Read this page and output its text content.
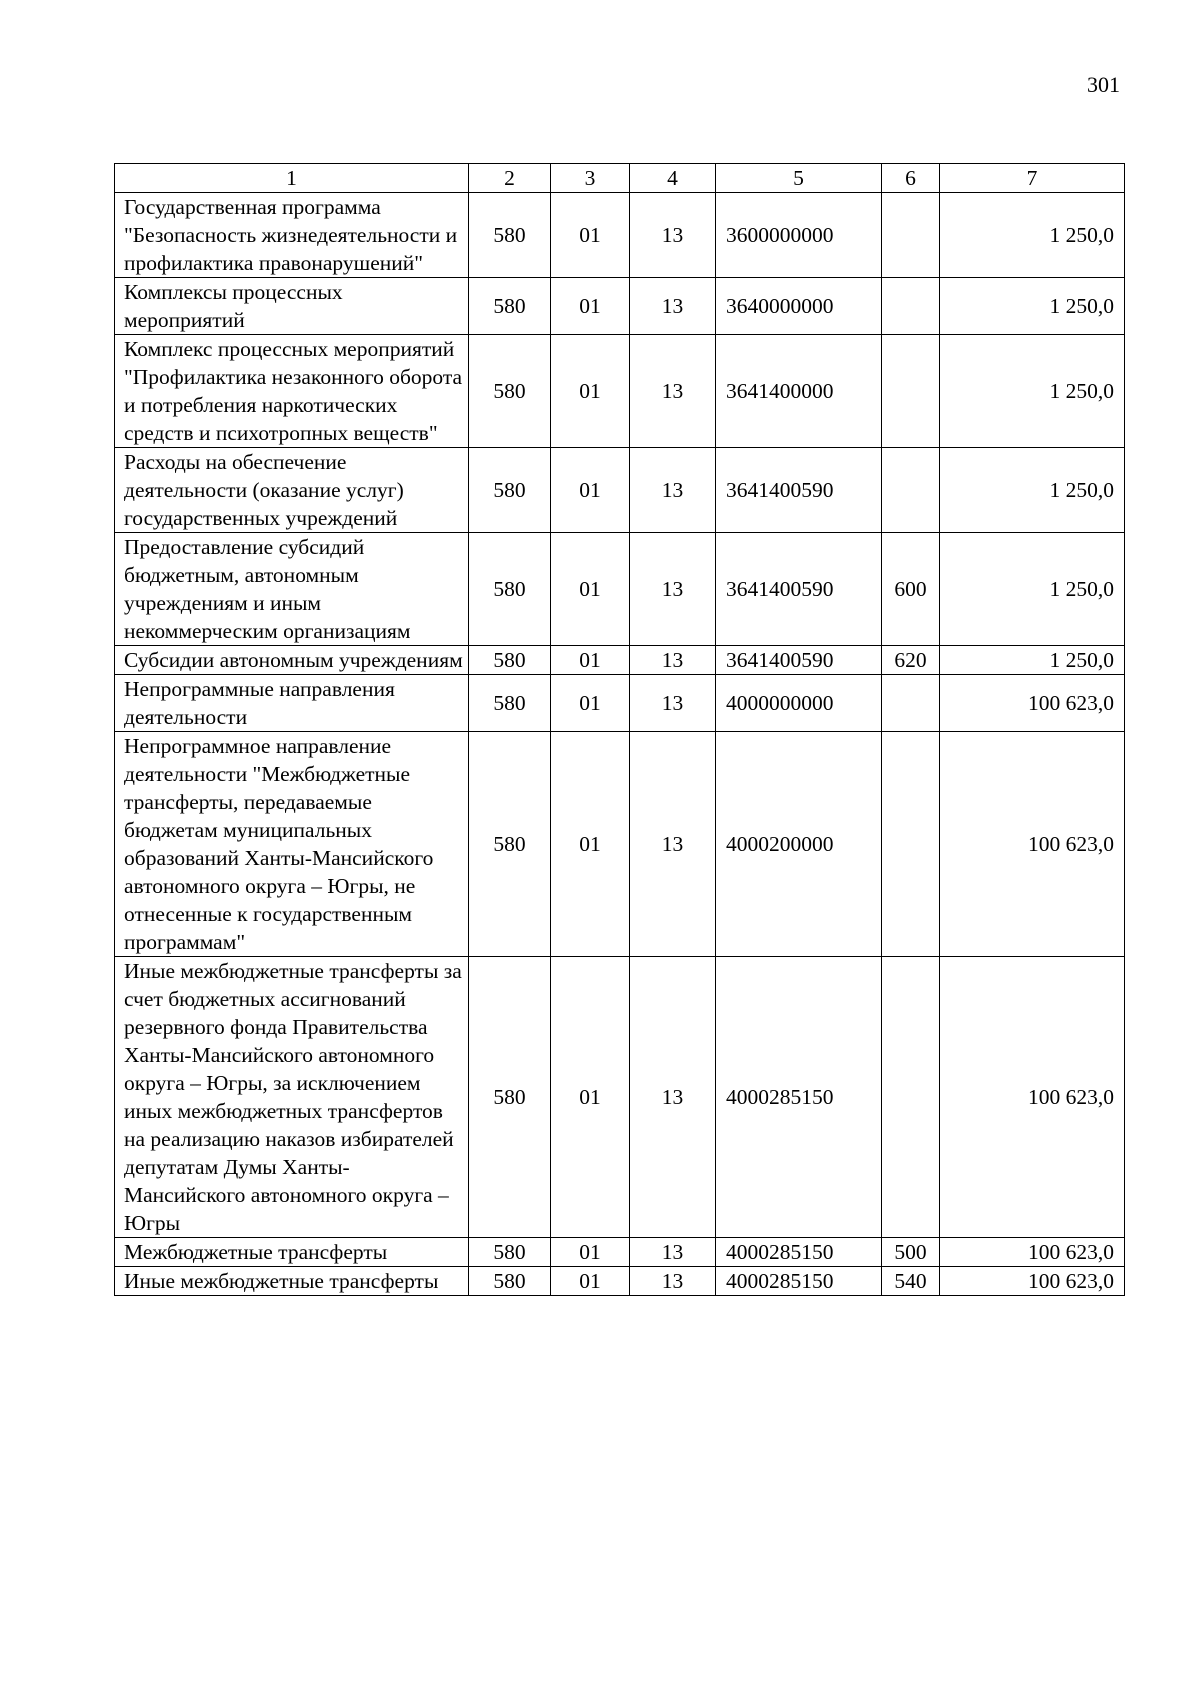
301
1	2	3	4	5	6	7
Государственная программа "Безопасность жизнедеятельности и профилактика правонарушений"	580	01	13	3600000000		1 250,0
Комплексы процессных мероприятий	580	01	13	3640000000		1 250,0
Комплекс процессных мероприятий "Профилактика незаконного оборота и потребления наркотических средств и психотропных веществ"	580	01	13	3641400000		1 250,0
Расходы на обеспечение деятельности (оказание услуг) государственных учреждений	580	01	13	3641400590		1 250,0
Предоставление субсидий бюджетным, автономным учреждениям и иным некоммерческим организациям	580	01	13	3641400590	600	1 250,0
Субсидии автономным учреждениям	580	01	13	3641400590	620	1 250,0
Непрограммные направления деятельности	580	01	13	4000000000		100 623,0
Непрограммное направление деятельности "Межбюджетные трансферты, передаваемые бюджетам муниципальных образований Ханты-Мансийского автономного округа – Югры, не отнесенные к государственным программам"	580	01	13	4000200000		100 623,0
Иные межбюджетные трансферты за счет бюджетных ассигнований резервного фонда Правительства Ханты-Мансийского автономного округа – Югры, за исключением иных межбюджетных трансфертов на реализацию наказов избирателей депутатам Думы Ханты-Мансийского автономного округа – Югры	580	01	13	4000285150		100 623,0
Межбюджетные трансферты	580	01	13	4000285150	500	100 623,0
Иные межбюджетные трансферты	580	01	13	4000285150	540	100 623,0
